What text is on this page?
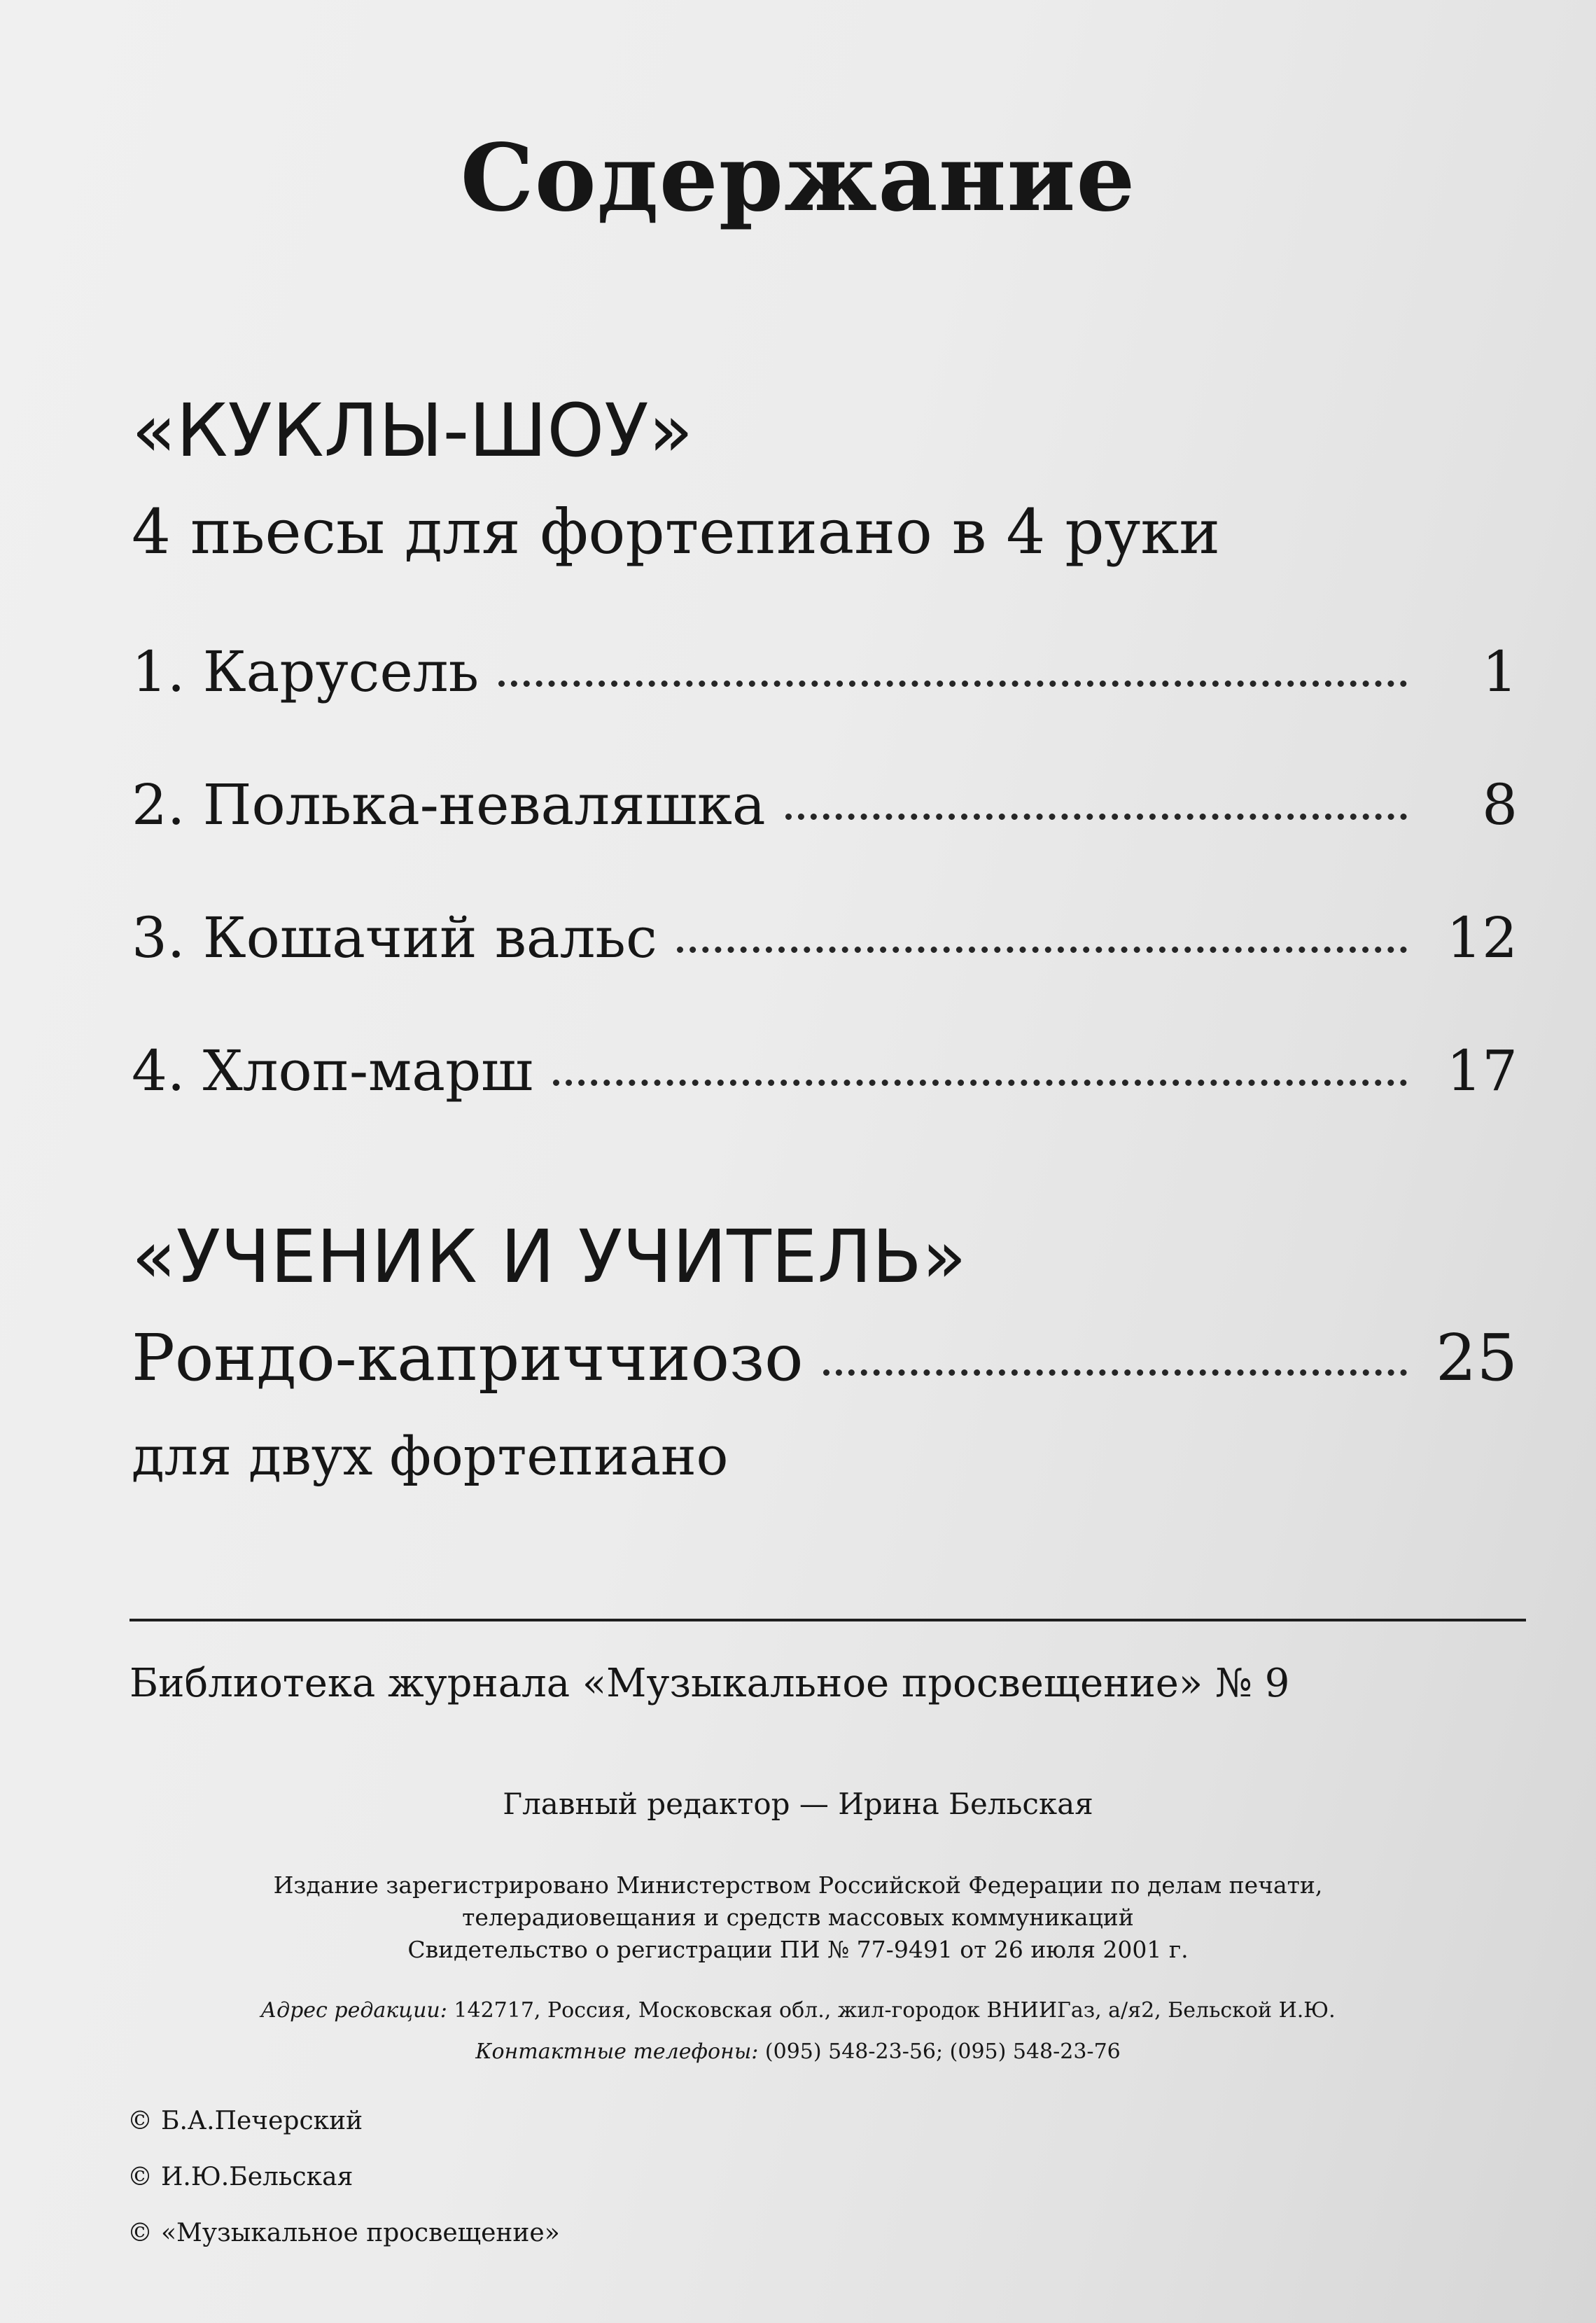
Содержание
«КУКЛЫ-ШОУ»
4 пьесы для фортепиано в 4 руки
1. Карусель	1
2. Полька-неваляшка	8
3. Кошачий вальс	12
4. Хлоп-марш	17
«УЧЕНИК И УЧИТЕЛЬ»
Рондо-каприччиозо	25
для двух фортепиано
Библиотека журнала «Музыкальное просвещение» № 9
Главный редактор — Ирина Бельская
Издание зарегистрировано Министерством Российской Федерации по делам печати,
телерадиовещания и средств массовых коммуникаций
Свидетельство о регистрации ПИ № 77-9491 от 26 июля 2001 г.
Адрес редакции: 142717, Россия, Московская обл., жил-городок ВНИИГаз, а/я2, Бельской И.Ю.
Контактные телефоны: (095) 548-23-56; (095) 548-23-76
© Б.А.Печерский
© И.Ю.Бельская
© «Музыкальное просвещение»
